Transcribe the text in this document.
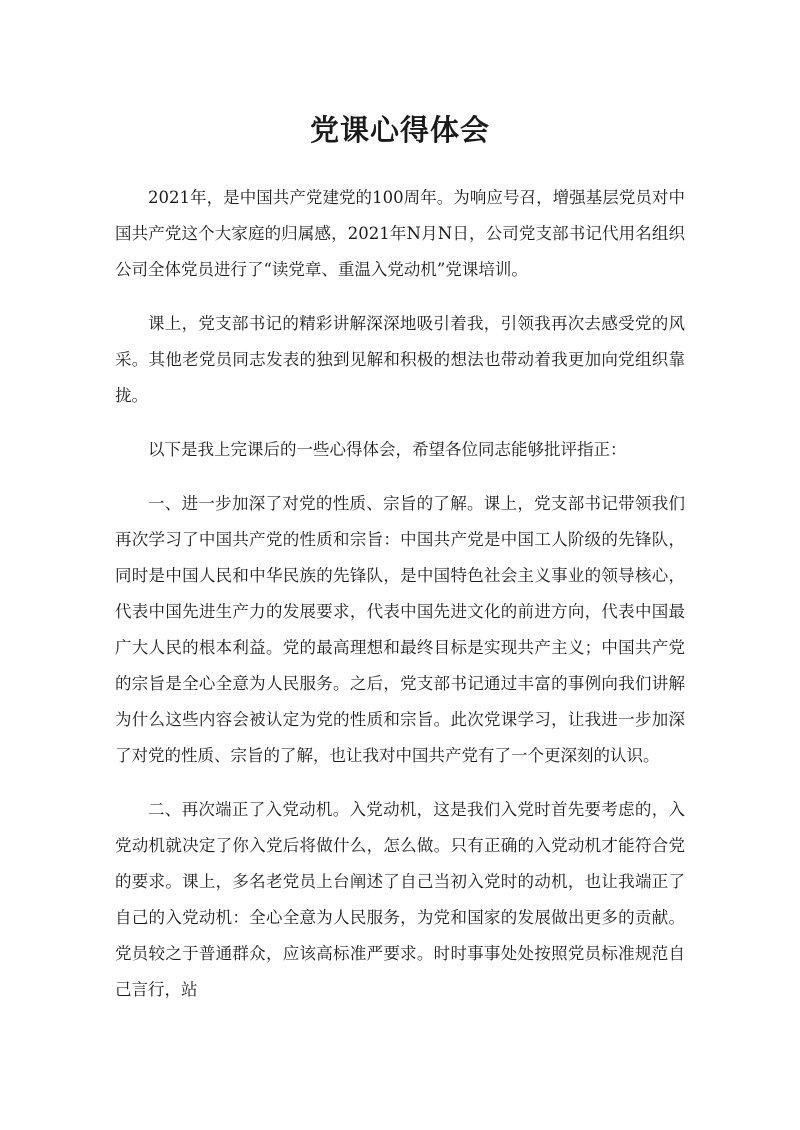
党课心得体会

2021年，是中国共产党建党的100周年。为响应号召，增强基层党员对中国共产党这个大家庭的归属感，2021年N月N日，公司党支部书记代用名组织公司全体党员进行了“读党章、重温入党动机”党课培训。

课上，党支部书记的精彩讲解深深地吸引着我，引领我再次去感受党的风采。其他老党员同志发表的独到见解和积极的想法也带动着我更加向党组织靠拢。

以下是我上完课后的一些心得体会，希望各位同志能够批评指正：

一、进一步加深了对党的性质、宗旨的了解。课上，党支部书记带领我们再次学习了中国共产党的性质和宗旨：中国共产党是中国工人阶级的先锋队，同时是中国人民和中华民族的先锋队，是中国特色社会主义事业的领导核心，代表中国先进生产力的发展要求，代表中国先进文化的前进方向，代表中国最广大人民的根本利益。党的最高理想和最终目标是实现共产主义；中国共产党的宗旨是全心全意为人民服务。之后，党支部书记通过丰富的事例向我们讲解为什么这些内容会被认定为党的性质和宗旨。此次党课学习，让我进一步加深了对党的性质、宗旨的了解，也让我对中国共产党有了一个更深刻的认识。

二、再次端正了入党动机。入党动机，这是我们入党时首先要考虑的，入党动机就决定了你入党后将做什么，怎么做。只有正确的入党动机才能符合党的要求。课上，多名老党员上台阐述了自己当初入党时的动机，也让我端正了自己的入党动机：全心全意为人民服务，为党和国家的发展做出更多的贡献。党员较之于普通群众，应该高标准严要求。时时事事处处按照党员标准规范自己言行，站
